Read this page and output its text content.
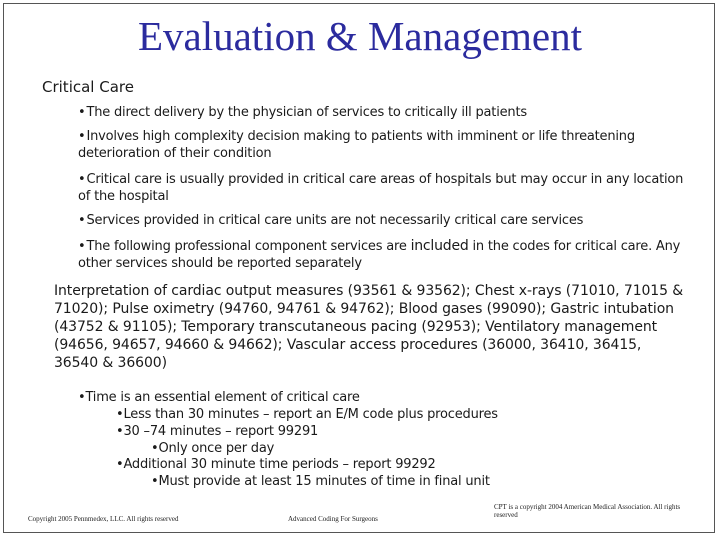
Evaluation & Management
Critical Care
•The direct delivery by the physician of services to critically ill patients
•Involves high complexity decision making to patients with imminent or life threatening deterioration of their condition
•Critical care is usually provided in critical care areas of hospitals but may occur in any location of the hospital
•Services provided in critical care units are not necessarily critical care services
•The following professional component services are included in the codes for critical care. Any other services should be reported separately
Interpretation of cardiac output measures (93561 & 93562); Chest x-rays (71010, 71015 & 71020); Pulse oximetry (94760, 94761 & 94762); Blood gases (99090); Gastric intubation (43752 & 91105); Temporary transcutaneous pacing (92953); Ventilatory management (94656, 94657, 94660 & 94662); Vascular access procedures (36000, 36410, 36415, 36540 & 36600)
•Time is an essential element of critical care
•Less than 30 minutes – report an E/M code plus procedures
•30 –74 minutes – report 99291
•Only once per day
•Additional 30 minute time periods – report 99292
•Must provide at least 15 minutes of time in final unit
Copyright 2005 Pennmedex, LLC. All rights reserved	Advanced Coding For Surgeons
CPT is a copyright 2004 American Medical Association. All rights reserved
